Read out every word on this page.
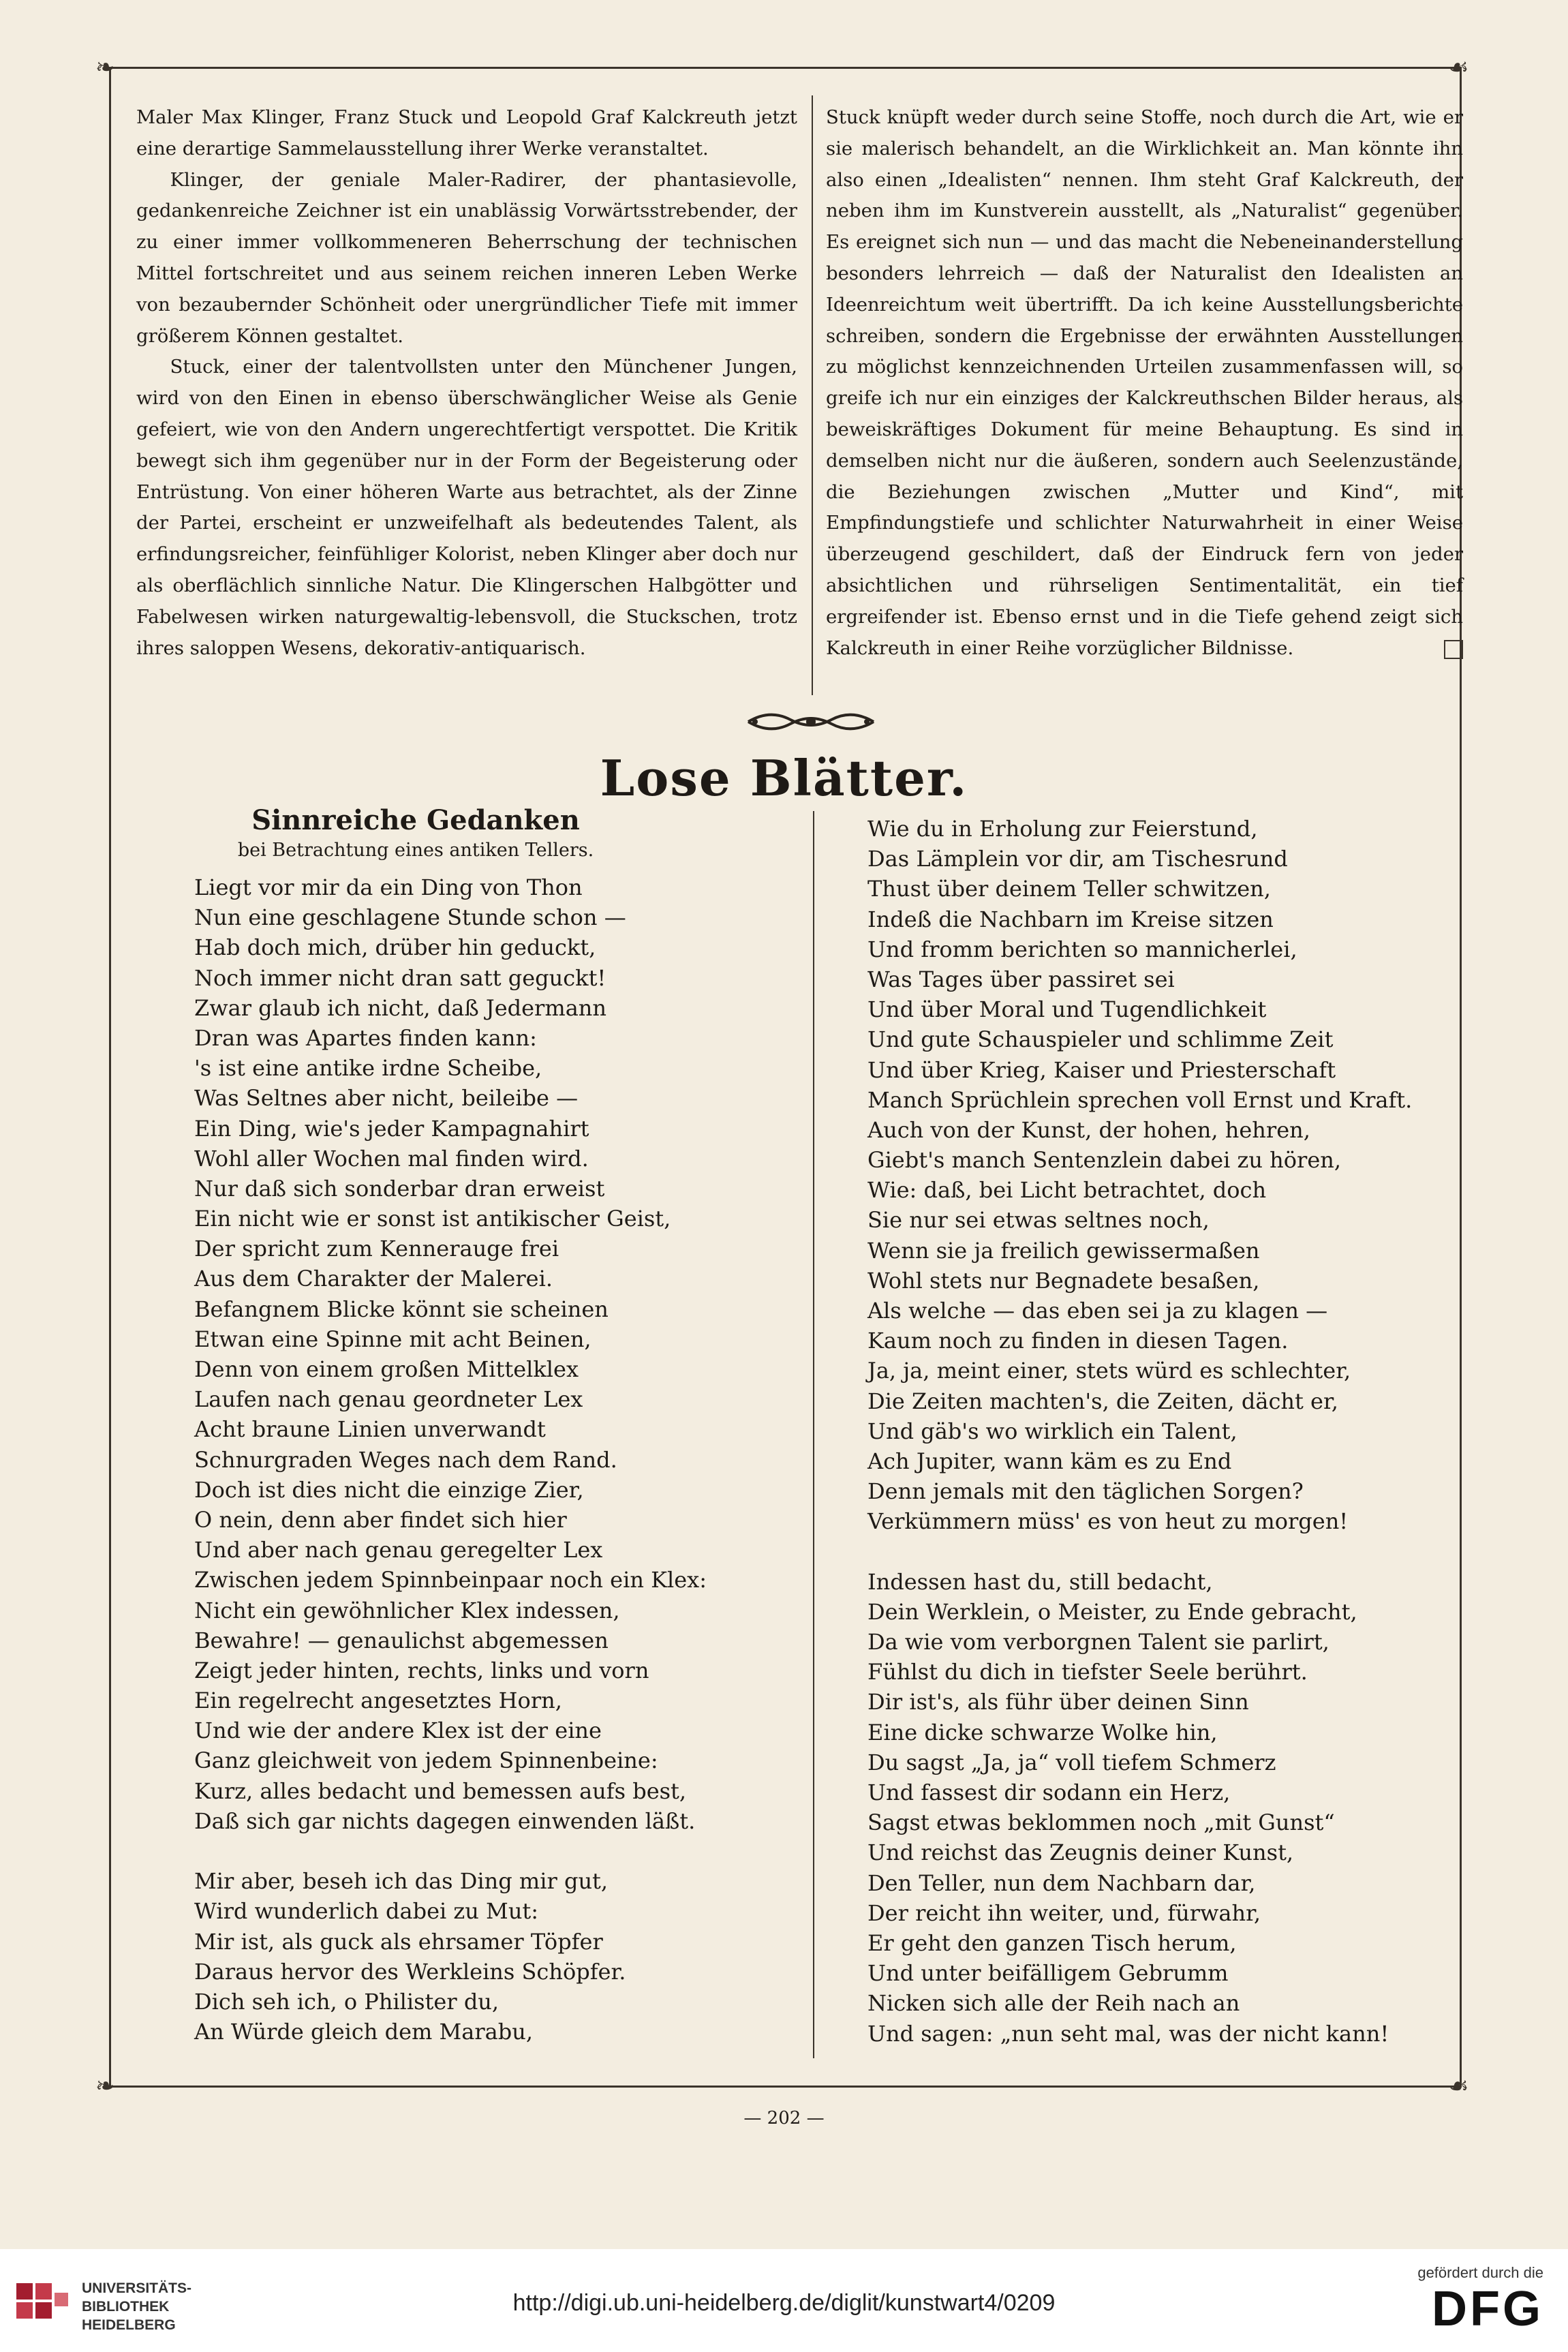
❧	☙
❧	☙

Maler Max Klinger, Franz Stuck und Leopold Graf Kalckreuth jetzt eine derartige Sammelausstellung ihrer Werke veranstaltet.

Klinger, der geniale Maler-Radirer, der phantasievolle, gedankenreiche Zeichner ist ein unablässig Vorwärtsstrebender, der zu einer immer vollkommeneren Beherrschung der technischen Mittel fortschreitet und aus seinem reichen inneren Leben Werke von bezaubernder Schönheit oder unergründlicher Tiefe mit immer größerem Können gestaltet.

Stuck, einer der talentvollsten unter den Münchener Jungen, wird von den Einen in ebenso überschwänglicher Weise als Genie gefeiert, wie von den Andern ungerechtfertigt verspottet. Die Kritik bewegt sich ihm gegenüber nur in der Form der Begeisterung oder Entrüstung. Von einer höheren Warte aus betrachtet, als der Zinne der Partei, erscheint er unzweifelhaft als bedeutendes Talent, als erfindungsreicher, feinfühliger Kolorist, neben Klinger aber doch nur als oberflächlich sinnliche Natur. Die Klingerschen Halbgötter und Fabelwesen wirken naturgewaltig-lebensvoll, die Stuckschen, trotz ihres saloppen Wesens, dekorativ-antiquarisch.

Stuck knüpft weder durch seine Stoffe, noch durch die Art, wie er sie malerisch behandelt, an die Wirklichkeit an. Man könnte ihn also einen „Idealisten“ nennen. Ihm steht Graf Kalckreuth, der neben ihm im Kunstverein ausstellt, als „Naturalist“ gegenüber. Es ereignet sich nun — und das macht die Nebeneinanderstellung besonders lehrreich — daß der Naturalist den Idealisten an Ideenreichtum weit übertrifft. Da ich keine Ausstellungsberichte schreiben, sondern die Ergebnisse der erwähnten Ausstellungen zu möglichst kennzeichnenden Urteilen zusammenfassen will, so greife ich nur ein einziges der Kalckreuthschen Bilder heraus, als beweiskräftiges Dokument für meine Behauptung. Es sind in demselben nicht nur die äußeren, sondern auch Seelenzustände, die Beziehungen zwischen „Mutter und Kind“, mit Empfindungstiefe und schlichter Naturwahrheit in einer Weise überzeugend geschildert, daß der Eindruck fern von jeder absichtlichen und rührseligen Sentimentalität, ein tief ergreifender ist. Ebenso ernst und in die Tiefe gehend zeigt sich Kalckreuth in einer Reihe vorzüglicher Bildnisse.

Lose Blätter.
Sinnreiche Gedanken
bei Betrachtung eines antiken Tellers.
Liegt vor mir da ein Ding von Thon
Nun eine geschlagene Stunde schon —
Hab doch mich, drüber hin geduckt,
Noch immer nicht dran satt geguckt!
Zwar glaub ich nicht, daß Jedermann
Dran was Apartes finden kann:
's ist eine antike irdne Scheibe,
Was Seltnes aber nicht, beileibe —
Ein Ding, wie's jeder Kampagnahirt
Wohl aller Wochen mal finden wird.
Nur daß sich sonderbar dran erweist
Ein nicht wie er sonst ist antikischer Geist,
Der spricht zum Kennerauge frei
Aus dem Charakter der Malerei.
Befangnem Blicke könnt sie scheinen
Etwan eine Spinne mit acht Beinen,
Denn von einem großen Mittelklex
Laufen nach genau geordneter Lex
Acht braune Linien unverwandt
Schnurgraden Weges nach dem Rand.
Doch ist dies nicht die einzige Zier,
O nein, denn aber findet sich hier
Und aber nach genau geregelter Lex
Zwischen jedem Spinnbeinpaar noch ein Klex:
Nicht ein gewöhnlicher Klex indessen,
Bewahre! — genaulichst abgemessen
Zeigt jeder hinten, rechts, links und vorn
Ein regelrecht angesetztes Horn,
Und wie der andere Klex ist der eine
Ganz gleichweit von jedem Spinnenbeine:
Kurz, alles bedacht und bemessen aufs best,
Daß sich gar nichts dagegen einwenden läßt.
Mir aber, beseh ich das Ding mir gut,
Wird wunderlich dabei zu Mut:
Mir ist, als guck als ehrsamer Töpfer
Daraus hervor des Werkleins Schöpfer.
Dich seh ich, o Philister du,
An Würde gleich dem Marabu,
Wie du in Erholung zur Feierstund,
Das Lämplein vor dir, am Tischesrund
Thust über deinem Teller schwitzen,
Indeß die Nachbarn im Kreise sitzen
Und fromm berichten so mannicherlei,
Was Tages über passiret sei
Und über Moral und Tugendlichkeit
Und gute Schauspieler und schlimme Zeit
Und über Krieg, Kaiser und Priesterschaft
Manch Sprüchlein sprechen voll Ernst und Kraft.
Auch von der Kunst, der hohen, hehren,
Giebt's manch Sentenzlein dabei zu hören,
Wie: daß, bei Licht betrachtet, doch
Sie nur sei etwas seltnes noch,
Wenn sie ja freilich gewissermaßen
Wohl stets nur Begnadete besaßen,
Als welche — das eben sei ja zu klagen —
Kaum noch zu finden in diesen Tagen.
Ja, ja, meint einer, stets würd es schlechter,
Die Zeiten machten's, die Zeiten, dächt er,
Und gäb's wo wirklich ein Talent,
Ach Jupiter, wann käm es zu End
Denn jemals mit den täglichen Sorgen?
Verkümmern müss' es von heut zu morgen!
Indessen hast du, still bedacht,
Dein Werklein, o Meister, zu Ende gebracht,
Da wie vom verborgnen Talent sie parlirt,
Fühlst du dich in tiefster Seele berührt.
Dir ist's, als führ über deinen Sinn
Eine dicke schwarze Wolke hin,
Du sagst „Ja, ja“ voll tiefem Schmerz
Und fassest dir sodann ein Herz,
Sagst etwas beklommen noch „mit Gunst“
Und reichst das Zeugnis deiner Kunst,
Den Teller, nun dem Nachbarn dar,
Der reicht ihn weiter, und, fürwahr,
Er geht den ganzen Tisch herum,
Und unter beifälligem Gebrumm
Nicken sich alle der Reih nach an
Und sagen: „nun seht mal, was der nicht kann!
— 202 —
UNIVERSITÄTS-
BIBLIOTHEK
HEIDELBERG
http://digi.ub.uni-heidelberg.de/diglit/kunstwart4/0209
gefördert durch die
DFG
